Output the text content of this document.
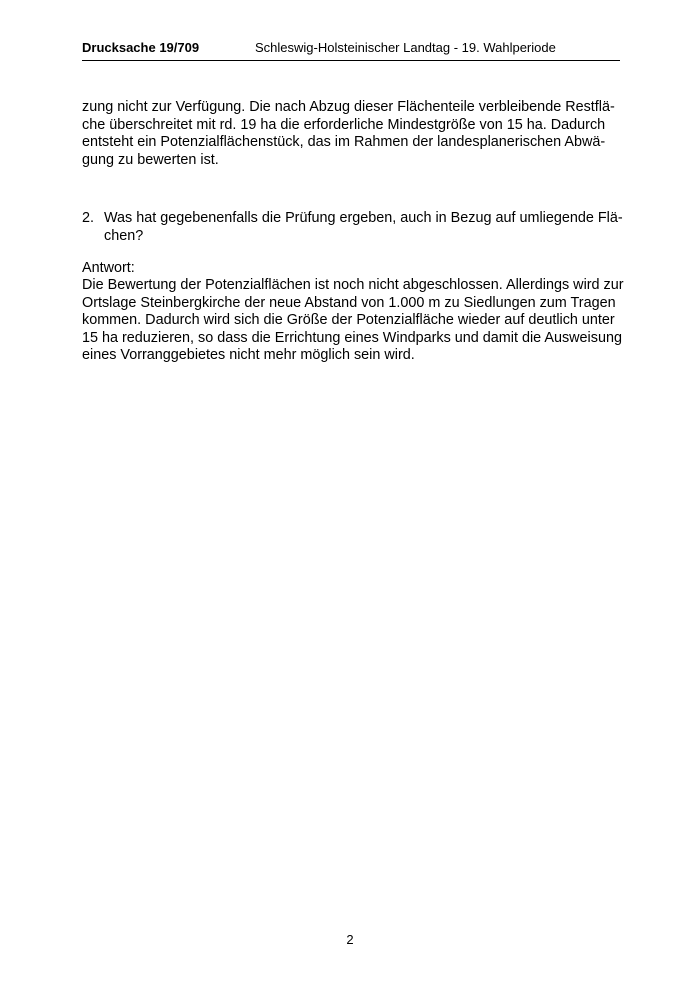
Drucksache 19/709	Schleswig-Holsteinischer Landtag - 19. Wahlperiode
zung nicht zur Verfügung. Die nach Abzug dieser Flächenteile verbleibende Restflä-
che überschreitet mit rd. 19 ha die erforderliche Mindestgröße von 15 ha. Dadurch
entsteht ein Potenzialflächenstück, das im Rahmen der landesplanerischen Abwä-
gung zu bewerten ist.
2. Was hat gegebenenfalls die Prüfung ergeben, auch in Bezug auf umliegende Flä-
chen?
Antwort:
Die Bewertung der Potenzialflächen ist noch nicht abgeschlossen. Allerdings wird zur
Ortslage Steinbergkirche der neue Abstand von 1.000 m zu Siedlungen zum Tragen
kommen. Dadurch wird sich die Größe der Potenzialfläche wieder auf deutlich unter
15 ha reduzieren, so dass die Errichtung eines Windparks und damit die Ausweisung
eines Vorranggebietes nicht mehr möglich sein wird.
2
